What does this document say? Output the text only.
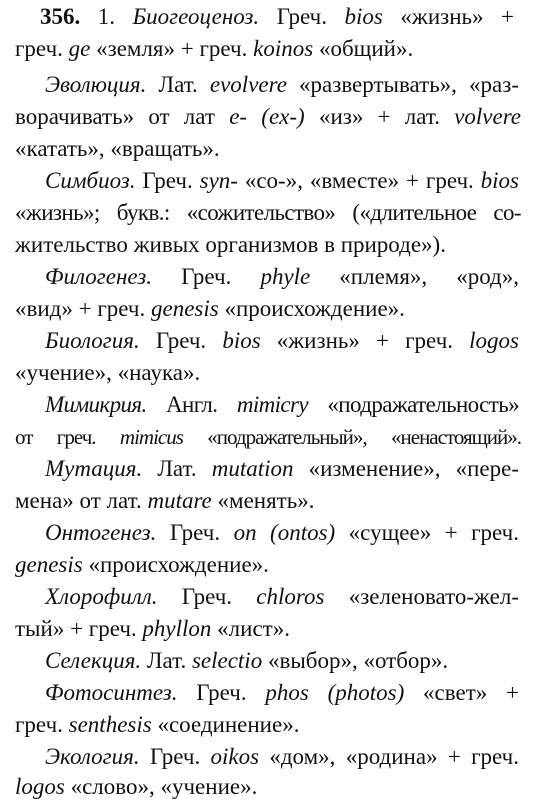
356. 1. Биогеоценоз. Греч. bios «жизнь» +
греч. ge «земля» + греч. koinos «общий».
Эволюция. Лат. evolvere «развертывать», «раз-
ворачивать» от лат e- (ex-) «из» + лат. volvere
«катать», «вращать».
Симбиоз. Греч. syn- «со-», «вместе» + греч. bios
«жизнь»; букв.: «сожительство» («длительное со-
жительство живых организмов в природе»).
Филогенез. Греч. phyle «племя», «род»,
«вид» + греч. genesis «происхождение».
Биология. Греч. bios «жизнь» + греч. logos
«учение», «наука».
Мимикрия. Англ. mimicry «подражательность»
от греч. mimicus «подражательный», «ненастоящий».
Мутация. Лат. mutation «изменение», «пере-
мена» от лат. mutare «менять».
Онтогенез. Греч. on (ontos) «сущее» + греч.
genesis «происхождение».
Хлорофилл. Греч. chloros «зеленовато-жел-
тый» + греч. phyllon «лист».
Селекция. Лат. selectio «выбор», «отбор».
Фотосинтез. Греч. phos (photos) «свет» +
греч. senthesis «соединение».
Экология. Греч. oikos «дом», «родина» + греч.
logos «слово», «учение».
